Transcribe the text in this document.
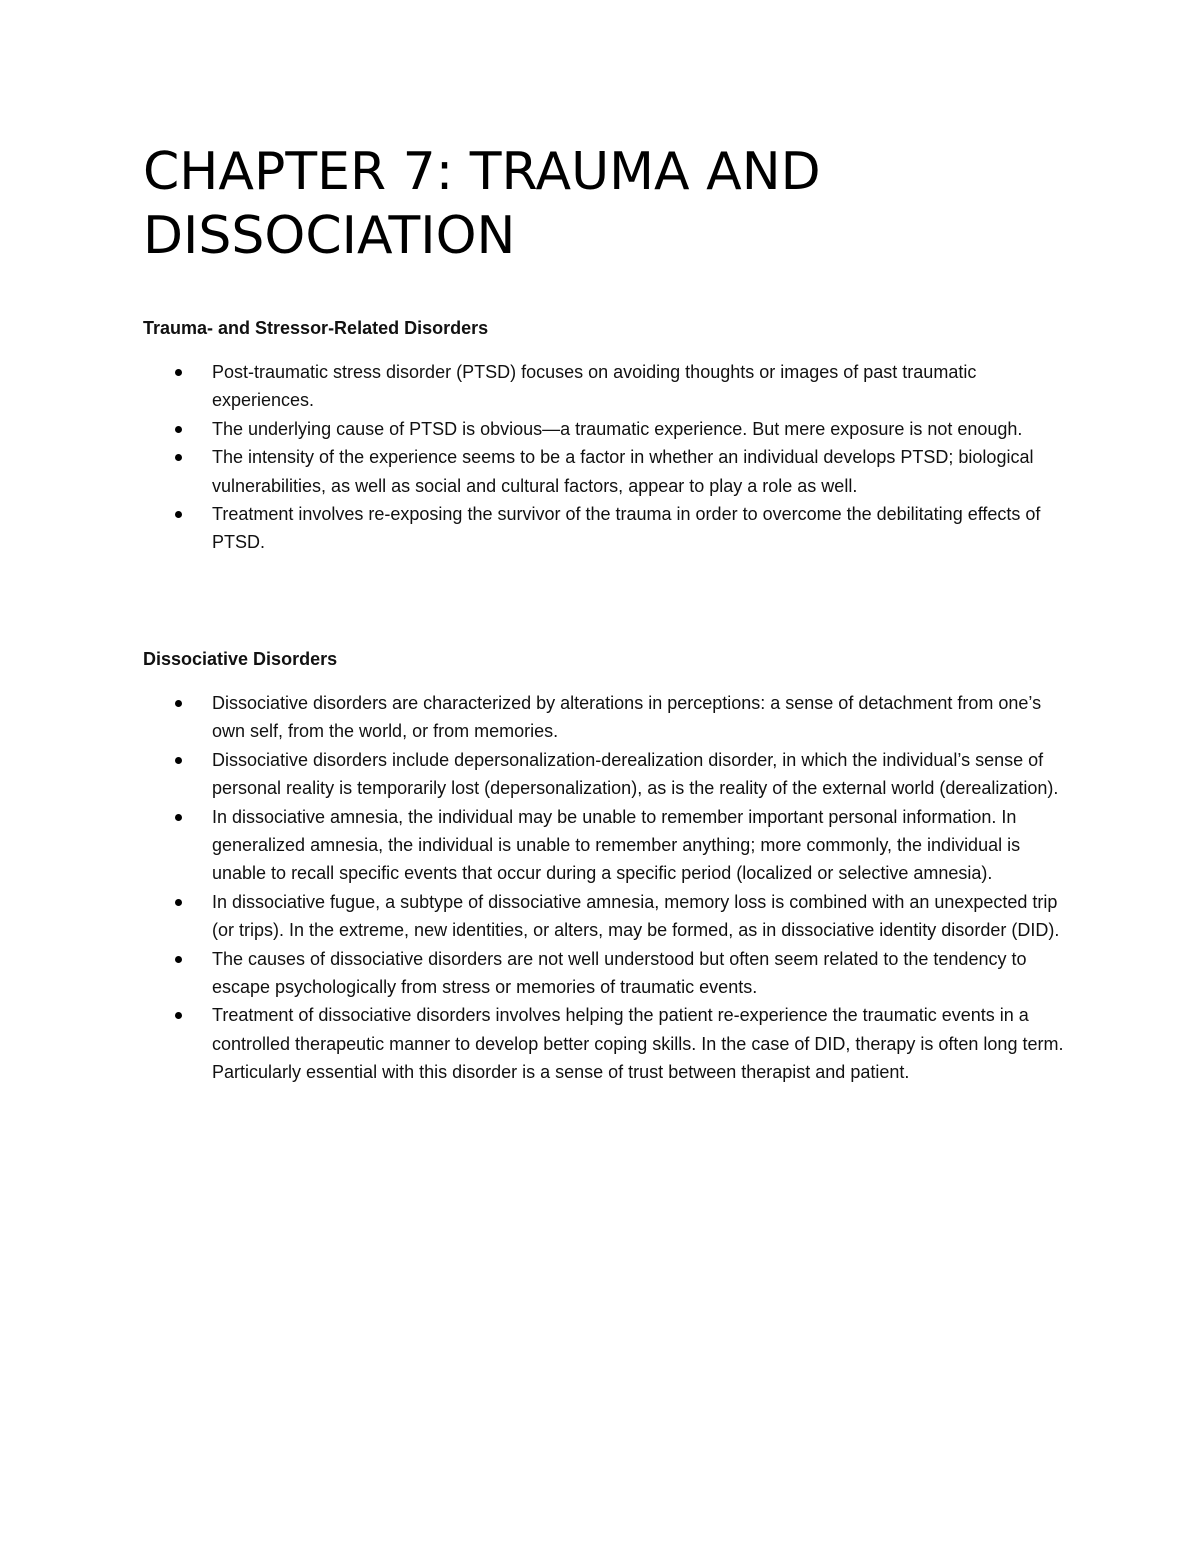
CHAPTER 7: TRAUMA AND DISSOCIATION
Trauma- and Stressor-Related Disorders
Post-traumatic stress disorder (PTSD) focuses on avoiding thoughts or images of past traumatic experiences.
The underlying cause of PTSD is obvious—a traumatic experience. But mere exposure is not enough.
The intensity of the experience seems to be a factor in whether an individual develops PTSD; biological vulnerabilities, as well as social and cultural factors, appear to play a role as well.
Treatment involves re-exposing the survivor of the trauma in order to overcome the debilitating effects of PTSD.
Dissociative Disorders
Dissociative disorders are characterized by alterations in perceptions: a sense of detachment from one’s own self, from the world, or from memories.
Dissociative disorders include depersonalization-derealization disorder, in which the individual’s sense of personal reality is temporarily lost (depersonalization), as is the reality of the external world (derealization).
In dissociative amnesia, the individual may be unable to remember important personal information. In generalized amnesia, the individual is unable to remember anything; more commonly, the individual is unable to recall specific events that occur during a specific period (localized or selective amnesia).
In dissociative fugue, a subtype of dissociative amnesia, memory loss is combined with an unexpected trip (or trips). In the extreme, new identities, or alters, may be formed, as in dissociative identity disorder (DID).
The causes of dissociative disorders are not well understood but often seem related to the tendency to escape psychologically from stress or memories of traumatic events.
Treatment of dissociative disorders involves helping the patient re-experience the traumatic events in a controlled therapeutic manner to develop better coping skills. In the case of DID, therapy is often long term. Particularly essential with this disorder is a sense of trust between therapist and patient.
